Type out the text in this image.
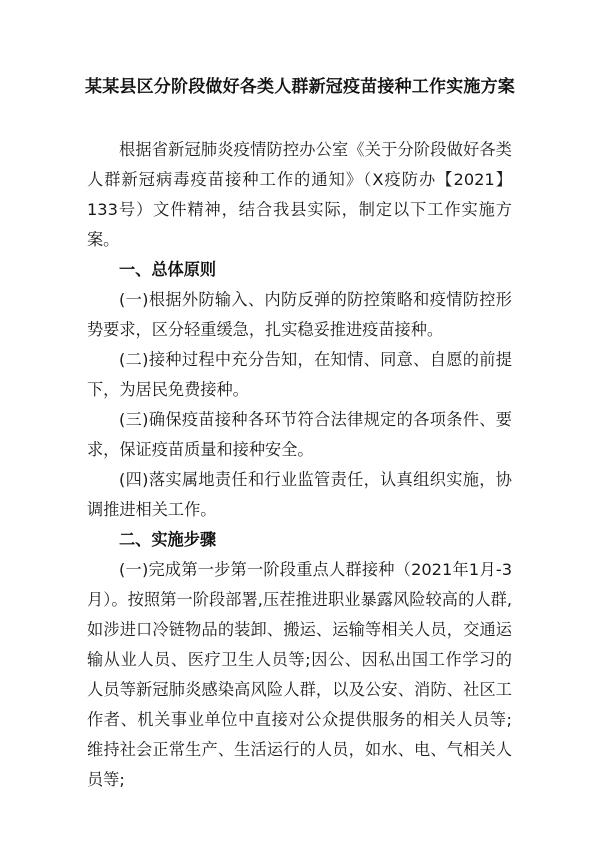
某某县区分阶段做好各类人群新冠疫苗接种工作实施方案

根据省新冠肺炎疫情防控办公室《关于分阶段做好各类人群新冠病毒疫苗接种工作的通知》（X疫防办【2021】133号）文件精神，结合我县实际，制定以下工作实施方案。

一、总体原则

(一)根据外防输入、内防反弹的防控策略和疫情防控形势要求，区分轻重缓急，扎实稳妥推进疫苗接种。

(二)接种过程中充分告知，在知情、同意、自愿的前提下，为居民免费接种。

(三)确保疫苗接种各环节符合法律规定的各项条件、要求，保证疫苗质量和接种安全。

(四)落实属地责任和行业监管责任，认真组织实施，协调推进相关工作。

二、实施步骤

(一)完成第一步第一阶段重点人群接种（2021年1月-3月）。按照第一阶段部署,压茬推进职业暴露风险较高的人群,如涉进口冷链物品的装卸、搬运、运输等相关人员，交通运输从业人员、医疗卫生人员等;因公、因私出国工作学习的人员等新冠肺炎感染高风险人群，以及公安、消防、社区工作者、机关事业单位中直接对公众提供服务的相关人员等;维持社会正常生产、生活运行的人员，如水、电、气相关人员等;
